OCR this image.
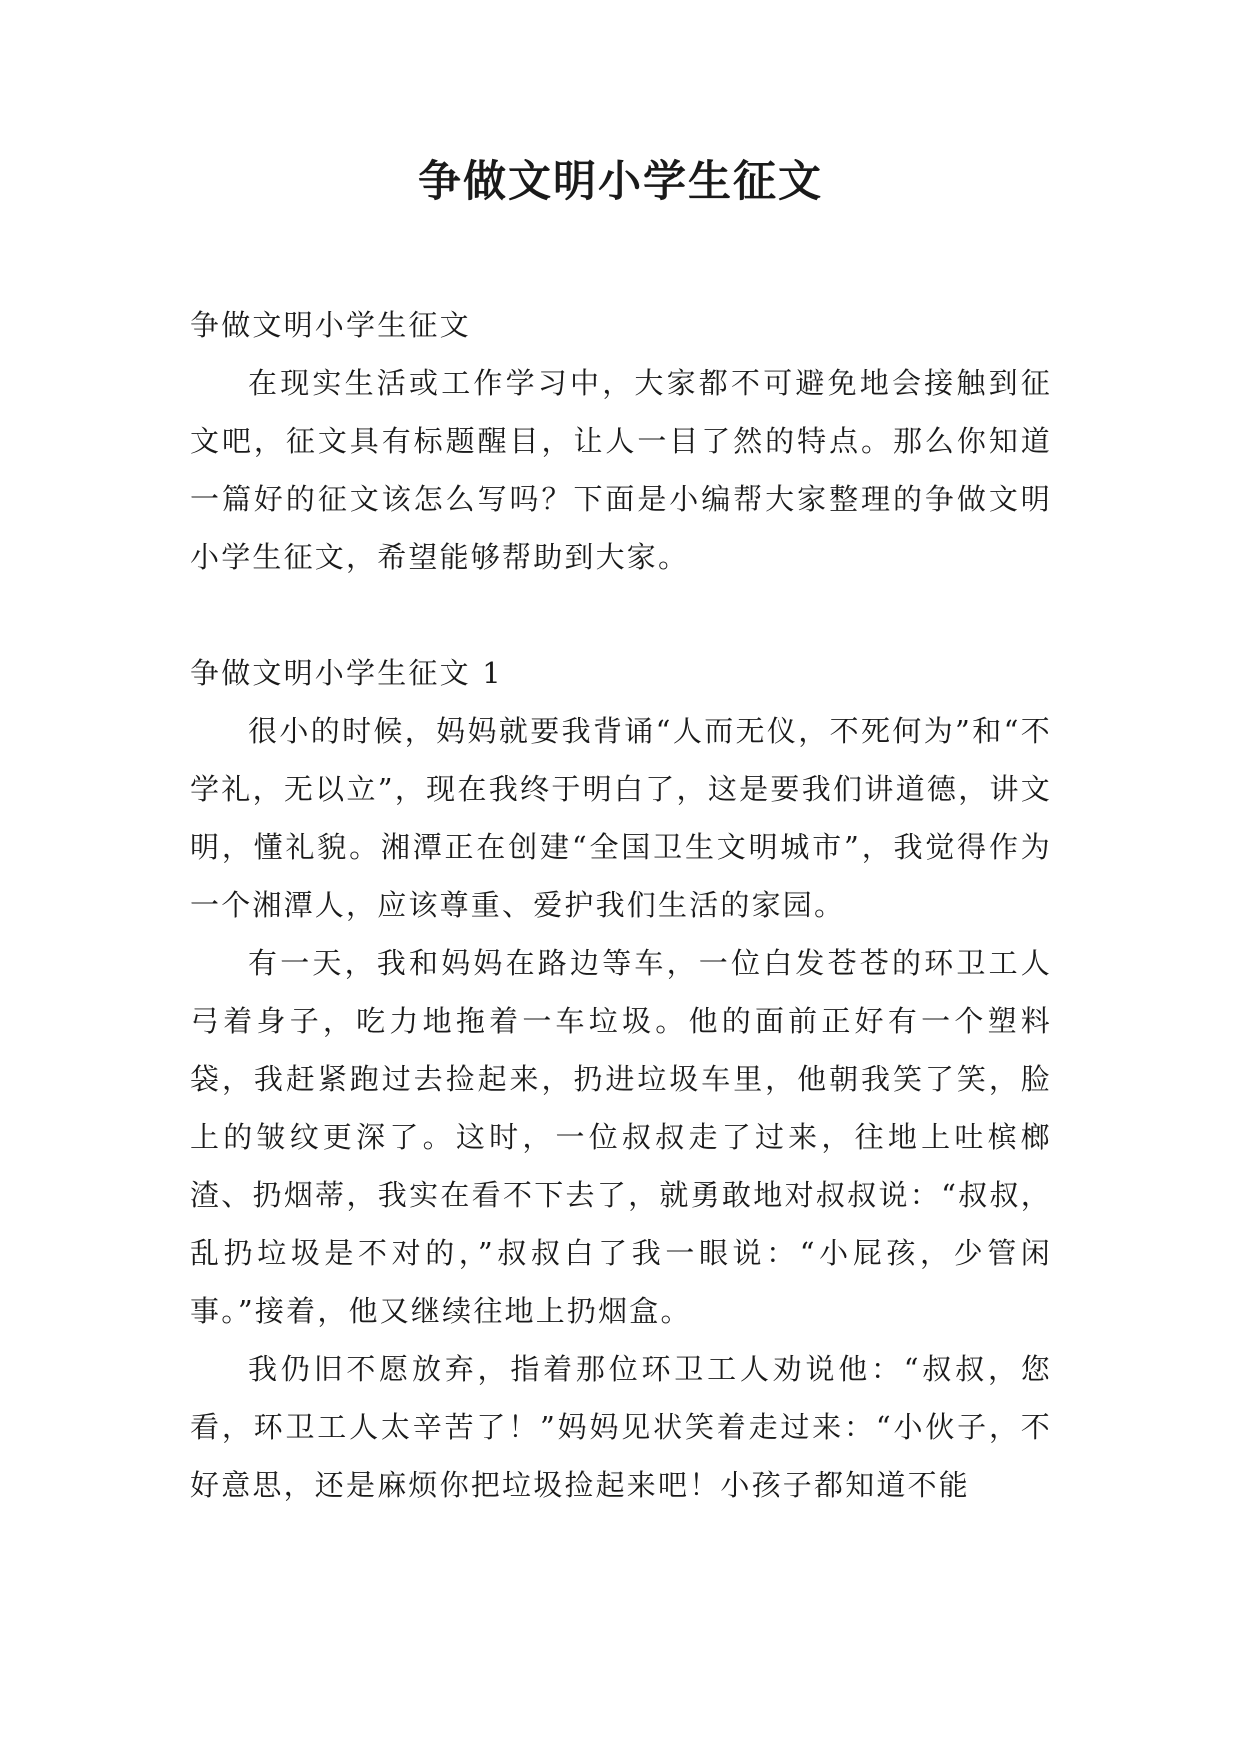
争做文明小学生征文

争做文明小学生征文

在现实生活或工作学习中，大家都不可避免地会接触到征文吧，征文具有标题醒目，让人一目了然的特点。那么你知道一篇好的征文该怎么写吗？下面是小编帮大家整理的争做文明小学生征文，希望能够帮助到大家。

争做文明小学生征文 1

很小的时候，妈妈就要我背诵“人而无仪，不死何为”和“不学礼，无以立”，现在我终于明白了，这是要我们讲道德，讲文明，懂礼貌。湘潭正在创建“全国卫生文明城市”，我觉得作为一个湘潭人，应该尊重、爱护我们生活的家园。

有一天，我和妈妈在路边等车，一位白发苍苍的环卫工人弓着身子，吃力地拖着一车垃圾。他的面前正好有一个塑料袋，我赶紧跑过去捡起来，扔进垃圾车里，他朝我笑了笑，脸上的皱纹更深了。这时，一位叔叔走了过来，往地上吐槟榔渣、扔烟蒂，我实在看不下去了，就勇敢地对叔叔说：“叔叔，乱扔垃圾是不对的，”叔叔白了我一眼说：“小屁孩，少管闲事。”接着，他又继续往地上扔烟盒。

我仍旧不愿放弃，指着那位环卫工人劝说他：“叔叔，您看，环卫工人太辛苦了！”妈妈见状笑着走过来：“小伙子，不好意思，还是麻烦你把垃圾捡起来吧！小孩子都知道不能
